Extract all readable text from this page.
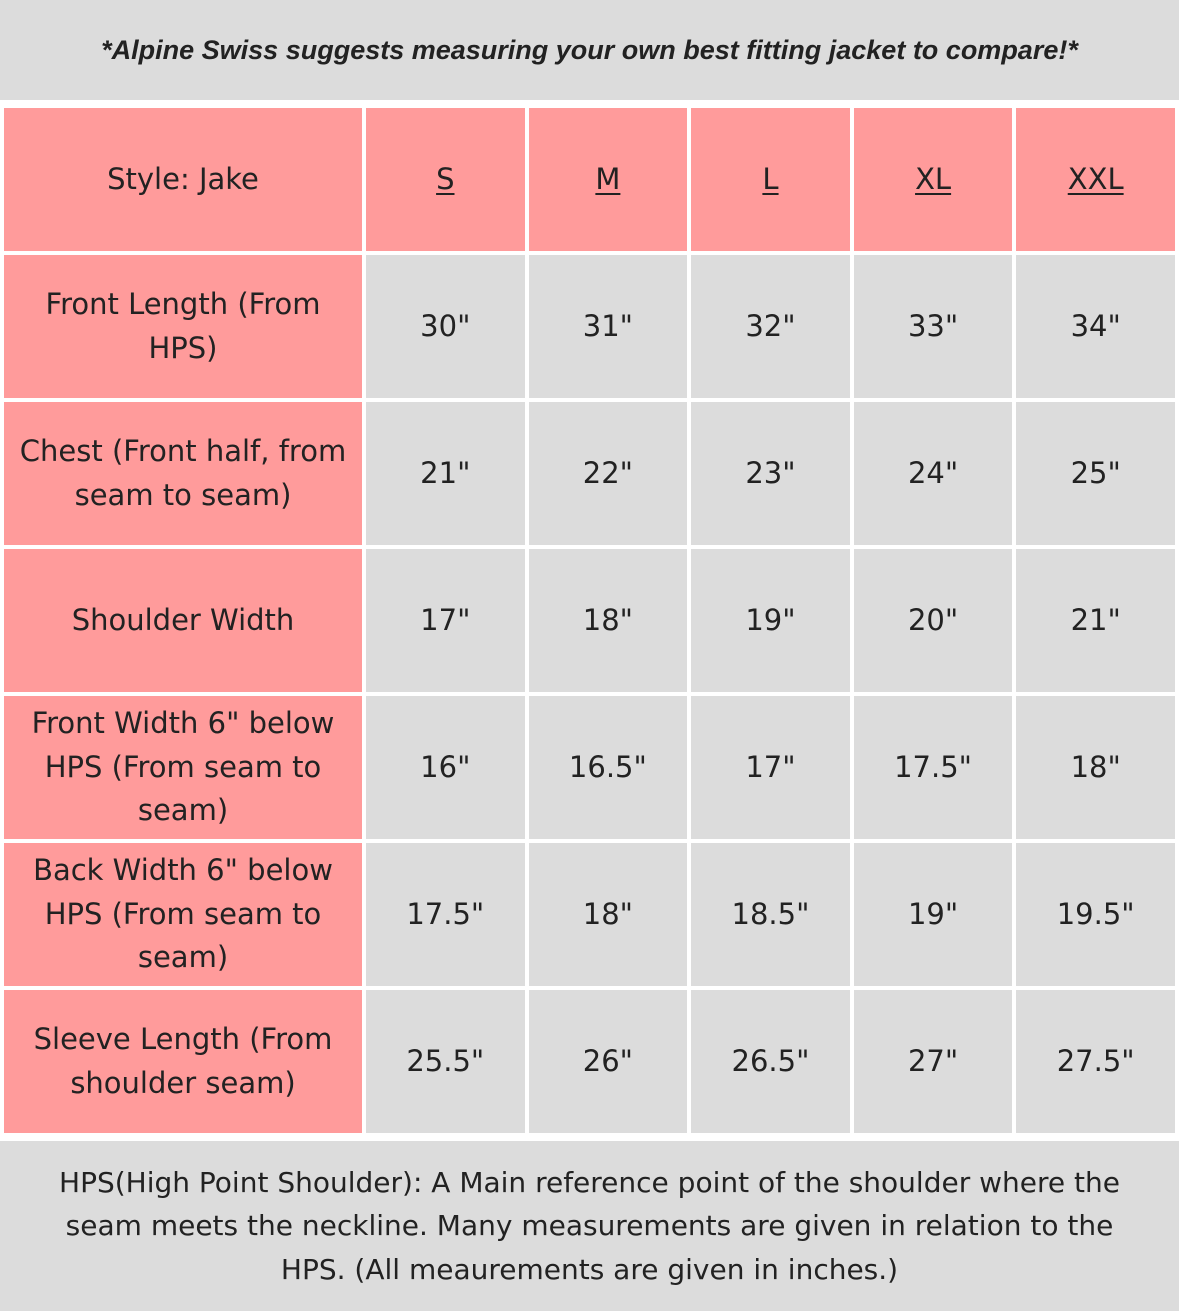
*Alpine Swiss suggests measuring your own best fitting jacket to compare!*
Style: Jake	S	M	L	XL	XXL
Front Length (From HPS)	30"	31"	32"	33"	34"
Chest (Front half, from seam to seam)	21"	22"	23"	24"	25"
Shoulder Width	17"	18"	19"	20"	21"
Front Width 6" below HPS (From seam to seam)	16"	16.5"	17"	17.5"	18"
Back Width 6" below HPS (From seam to seam)	17.5"	18"	18.5"	19"	19.5"
Sleeve Length (From shoulder seam)	25.5"	26"	26.5"	27"	27.5"
HPS(High Point Shoulder): A Main reference point of the shoulder where the seam meets the neckline. Many measurements are given in relation to the HPS. (All meaurements are given in inches.)
